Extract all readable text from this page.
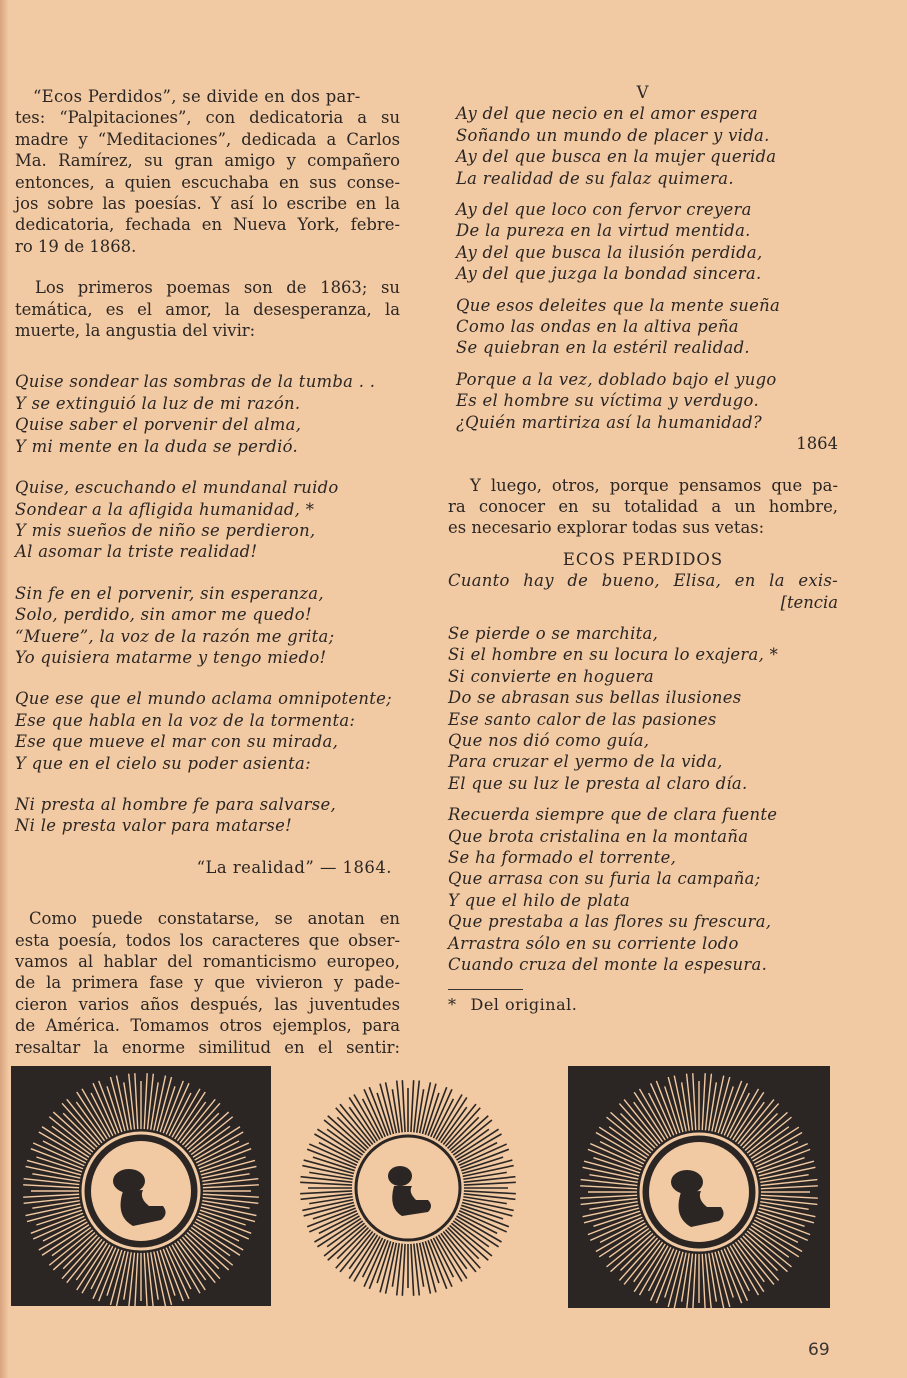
“Ecos Perdidos”, se divide en dos par-
tes: “Palpitaciones”, con dedicatoria a su
madre y “Meditaciones”, dedicada a Carlos
Ma. Ramírez, su gran amigo y compañero
entonces, a quien escuchaba en sus conse-
jos sobre las poesías. Y así lo escribe en la
dedicatoria, fechada en Nueva York, febre-
ro 19 de 1868.
Los primeros poemas son de 1863; su
temática, es el amor, la desesperanza, la
muerte, la angustia del vivir:
Quise sondear las sombras de la tumba . .
Y se extinguió la luz de mi razón.
Quise saber el porvenir del alma,
Y mi mente en la duda se perdió.
Quise, escuchando el mundanal ruido
Sondear a la afligida humanidad, *
Y mis sueños de niño se perdieron,
Al asomar la triste realidad!
Sin fe en el porvenir, sin esperanza,
Solo, perdido, sin amor me quedo!
“Muere”, la voz de la razón me grita;
Yo quisiera matarme y tengo miedo!
Que ese que el mundo aclama omnipotente;
Ese que habla en la voz de la tormenta:
Ese que mueve el mar con su mirada,
Y que en el cielo su poder asienta:
Ni presta al hombre fe para salvarse,
Ni le presta valor para matarse!
“La realidad” — 1864.
Como puede constatarse, se anotan en
esta poesía, todos los caracteres que obser-
vamos al hablar del romanticismo europeo,
de la primera fase y que vivieron y pade-
cieron varios años después, las juventudes
de América. Tomamos otros ejemplos, para
resaltar la enorme similitud en el sentir:
V
Ay del que necio en el amor espera
Soñando un mundo de placer y vida.
Ay del que busca en la mujer querida
La realidad de su falaz quimera.
Ay del que loco con fervor creyera
De la pureza en la virtud mentida.
Ay del que busca la ilusión perdida,
Ay del que juzga la bondad sincera.
Que esos deleites que la mente sueña
Como las ondas en la altiva peña
Se quiebran en la estéril realidad.
Porque a la vez, doblado bajo el yugo
Es el hombre su víctima y verdugo.
¿Quién martiriza así la humanidad?
1864
Y luego, otros, porque pensamos que pa-
ra conocer en su totalidad a un hombre,
es necesario explorar todas sus vetas:
ECOS PERDIDOS
Cuanto hay de bueno, Elisa, en la exis-
[tencia
Se pierde o se marchita,
Si el hombre en su locura lo exajera, *
Si convierte en hoguera
Do se abrasan sus bellas ilusiones
Ese santo calor de las pasiones
Que nos dió como guía,
Para cruzar el yermo de la vida,
El que su luz le presta al claro día.
Recuerda siempre que de clara fuente
Que brota cristalina en la montaña
Se ha formado el torrente,
Que arrasa con su furia la campaña;
Y que el hilo de plata
Que prestaba a las flores su frescura,
Arrastra sólo en su corriente lodo
Cuando cruza del monte la espesura.
* Del original.
69
